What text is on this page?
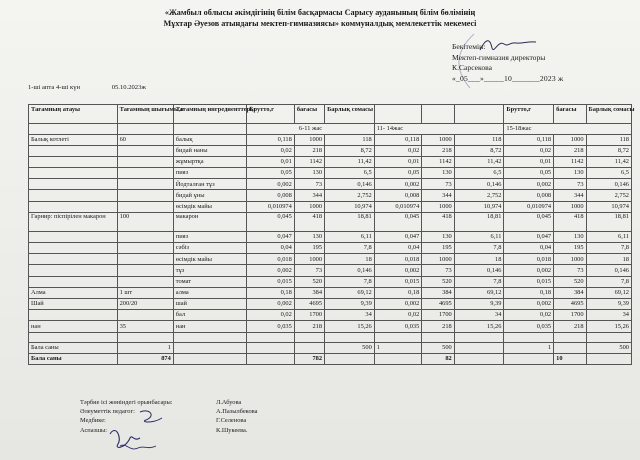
«Жамбыл облысы әкімдігінің білім басқармасы Сарысу ауданының білім бөлімінің
Мұхтар Әуезов атындағы мектеп-гимназиясы» коммуналдық мемлекеттік мекемесі
Бекітемін:
Мектеп-гимназия директоры
К.Сарсекова
«_05___»_____10_______2023 ж
1-ші апта 4-ші күн	05.10.2023ж
Тағамның атауы	Тағамның шығымы,г	Тағамның ингредиенттері,г	Брутто,г	бағасы	Барлық сомасы				Брутто,г	бағасы	Барлық сомасы
			6-11 жас			11- 14жас			15-18жас		
Балық котлеті	60	балық	0,118	1000	118	0,118	1000	118	0,118	1000	118
		бидай наны	0,02	218	8,72	0,02	218	8,72	0,02	218	8,72
		жұмыртқа	0,01	1142	11,42	0,01	1142	11,42	0,01	1142	11,42
		пияз	0,05	130	6,5	0,05	130	6,5	0,05	130	6,5
		Йодталған тұз	0,002	73	0,146	0,002	73	0,146	0,002	73	0,146
		бидай ұны	0,008	344	2,752	0,008	344	2,752	0,008	344	2,752
		өсімдік майы	0,010974	1000	10,974	0,010974	1000	10,974	0,010974	1000	10,974
Гарнир: піспірілен макарон	100	макарон	0,045	418	18,81	0,045	418	18,81	0,045	418	18,81
		пияз	0,047	130	6,11	0,047	130	6,11	0,047	130	6,11
		сәбіз	0,04	195	7,8	0,04	195	7,8	0,04	195	7,8
		өсімдік майы	0,018	1000	18	0,018	1000	18	0,018	1000	18
		тұз	0,002	73	0,146	0,002	73	0,146	0,002	73	0,146
		томат	0,015	520	7,8	0,015	520	7,8	0,015	520	7,8
Алма	1 шт	алма	0,18	384	69,12	0,18	384	69,12	0,18	384	69,12
Шай	200/20	шай	0,002	4695	9,39	0,002	4695	9,39	0,002	4695	9,39
		бал	0,02	1700	34	0,02	1700	34	0,02	1700	34
нан	35	нан	0,035	218	15,26	0,035	218	15,26	0,035	218	15,26

Бала саны	1				500	1	500		1		500
Бала саны	874			782			82			10	
Тәрбие ісі жөніндегі орынбасары:	Л.Абуова
Әлеуметтік педагог:	А.Пазылбекова
Медбике:	Г.Селенова
Аспазшы:	К.Шукеева.
